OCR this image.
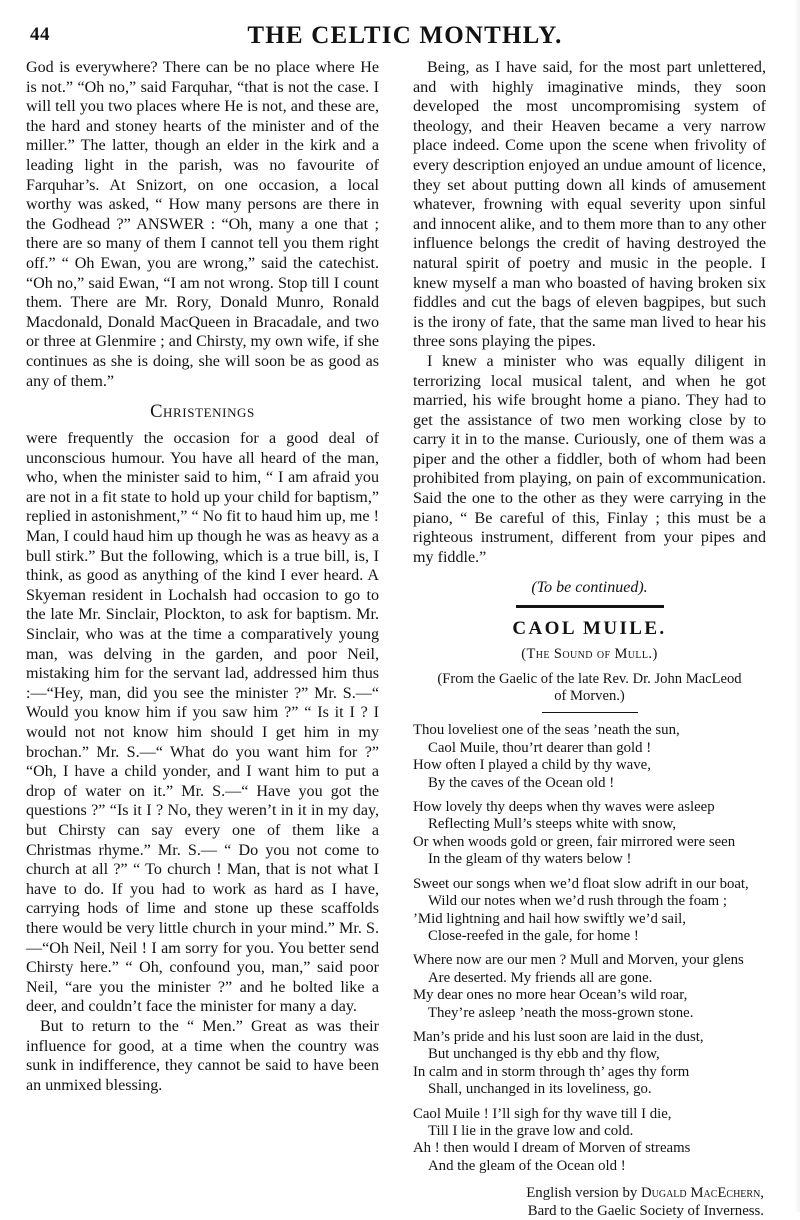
44	THE CELTIC MONTHLY.

God is everywhere? There can be no place where He is not.” “Oh no,” said Farquhar, “that is not the case. I will tell you two places where He is not, and these are, the hard and stoney hearts of the minister and of the miller.” The latter, though an elder in the kirk and a leading light in the parish, was no favourite of Farquhar’s. At Snizort, on one occasion, a local worthy was asked, “ How many persons are there in the Godhead ?” ANSWER : “Oh, many a one that ; there are so many of them I cannot tell you them right off.” “ Oh Ewan, you are wrong,” said the catechist. “Oh no,” said Ewan, “I am not wrong. Stop till I count them. There are Mr. Rory, Donald Munro, Ronald Macdonald, Donald MacQueen in Bracadale, and two or three at Glenmire ; and Chirsty, my own wife, if she continues as she is doing, she will soon be as good as any of them.”

Christenings

were frequently the occasion for a good deal of unconscious humour. You have all heard of the man, who, when the minister said to him, “ I am afraid you are not in a fit state to hold up your child for baptism,” replied in astonishment,” “ No fit to haud him up, me ! Man, I could haud him up though he was as heavy as a bull stirk.” But the following, which is a true bill, is, I think, as good as anything of the kind I ever heard. A Skyeman resident in Lochalsh had occasion to go to the late Mr. Sinclair, Plockton, to ask for baptism. Mr. Sinclair, who was at the time a comparatively young man, was delving in the garden, and poor Neil, mistaking him for the servant lad, addressed him thus :—“Hey, man, did you see the minister ?” Mr. S.—“ Would you know him if you saw him ?” “ Is it I ? I would not not know him should I get him in my brochan.” Mr. S.—“ What do you want him for ?” “Oh, I have a child yonder, and I want him to put a drop of water on it.” Mr. S.—“ Have you got the questions ?” “Is it I ? No, they weren’t in it in my day, but Chirsty can say every one of them like a Christmas rhyme.” Mr. S.— “ Do you not come to church at all ?” “ To church ! Man, that is not what I have to do. If you had to work as hard as I have, carrying hods of lime and stone up these scaffolds there would be very little church in your mind.” Mr. S.—“Oh Neil, Neil ! I am sorry for you. You better send Chirsty here.” “ Oh, confound you, man,” said poor Neil, “are you the minister ?” and he bolted like a deer, and couldn’t face the minister for many a day.

But to return to the “ Men.” Great as was their influence for good, at a time when the country was sunk in indifference, they cannot be said to have been an unmixed blessing.

Being, as I have said, for the most part unlettered, and with highly imaginative minds, they soon developed the most uncompromising system of theology, and their Heaven became a very narrow place indeed. Come upon the scene when frivolity of every description enjoyed an undue amount of licence, they set about putting down all kinds of amusement whatever, frowning with equal severity upon sinful and innocent alike, and to them more than to any other influence belongs the credit of having destroyed the natural spirit of poetry and music in the people. I knew myself a man who boasted of having broken six fiddles and cut the bags of eleven bagpipes, but such is the irony of fate, that the same man lived to hear his three sons playing the pipes.

I knew a minister who was equally diligent in terrorizing local musical talent, and when he got married, his wife brought home a piano. They had to get the assistance of two men working close by to carry it in to the manse. Curiously, one of them was a piper and the other a fiddler, both of whom had been prohibited from playing, on pain of excommunication. Said the one to the other as they were carrying in the piano, “ Be careful of this, Finlay ; this must be a righteous instrument, different from your pipes and my fiddle.”

(To be continued).
CAOL MUILE.
(The Sound of Mull.)
(From the Gaelic of the late Rev. Dr. John MacLeod
of Morven.)
Thou loveliest one of the seas ’neath the sun,
Caol Muile, thou’rt dearer than gold !
How often I played a child by thy wave,
By the caves of the Ocean old !
How lovely thy deeps when thy waves were asleep
Reflecting Mull’s steeps white with snow,
Or when woods gold or green, fair mirrored were seen
In the gleam of thy waters below !
Sweet our songs when we’d float slow adrift in our boat,
Wild our notes when we’d rush through the foam ;
’Mid lightning and hail how swiftly we’d sail,
Close-reefed in the gale, for home !
Where now are our men ? Mull and Morven, your glens
Are deserted. My friends all are gone.
My dear ones no more hear Ocean’s wild roar,
They’re asleep ’neath the moss-grown stone.
Man’s pride and his lust soon are laid in the dust,
But unchanged is thy ebb and thy flow,
In calm and in storm through th’ ages thy form
Shall, unchanged in its loveliness, go.
Caol Muile ! I’ll sigh for thy wave till I die,
Till I lie in the grave low and cold.
Ah ! then would I dream of Morven of streams
And the gleam of the Ocean old !
English version by Dugald MacEchern,
Bard to the Gaelic Society of Inverness.
